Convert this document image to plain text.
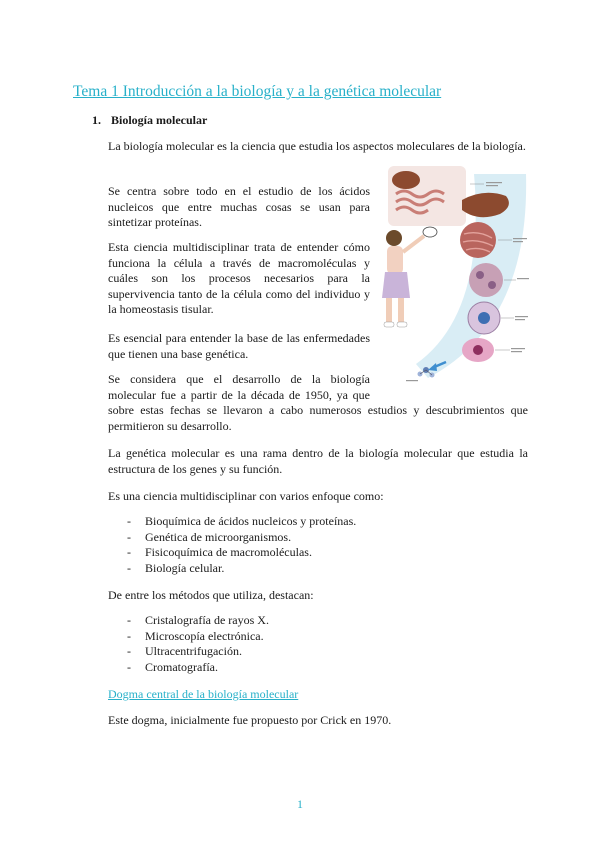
Tema 1 Introducción a la biología y a la genética molecular
1. Biología molecular
La biología molecular es la ciencia que estudia los aspectos moleculares de la biología.
Se centra sobre todo en el estudio de los ácidos nucleicos que entre muchas cosas se usan para sintetizar proteínas.
Esta ciencia multidisciplinar trata de entender cómo funciona la célula a través de macromoléculas y cuáles son los procesos necesarios para la supervivencia tanto de la célula como del individuo y la homeostasis tisular.
Es esencial para entender la base de las enfermedades que tienen una base genética.
Se considera que el desarrollo de la biología molecular fue a partir de la década de 1950, ya que
sobre estas fechas se llevaron a cabo numerosos estudios y descubrimientos que permitieron su desarrollo.
La genética molecular es una rama dentro de la biología molecular que estudia la estructura de los genes y su función.
Es una ciencia multidisciplinar con varios enfoque como:
- Bioquímica de ácidos nucleicos y proteínas.
- Genética de microorganismos.
- Fisicoquímica de macromoléculas.
- Biología celular.
De entre los métodos que utiliza, destacan:
- Cristalografía de rayos X.
- Microscopía electrónica.
- Ultracentrifugación.
- Cromatografía.
Dogma central de la biología molecular
Este dogma, inicialmente fue propuesto por Crick en 1970.
1
